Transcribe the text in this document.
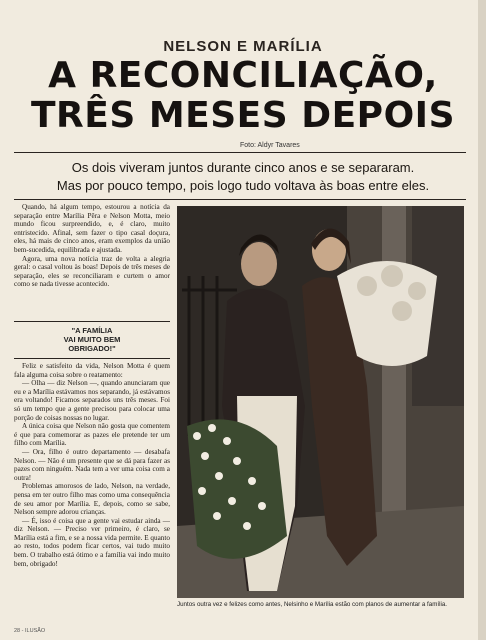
NELSON E MARÍLIA
A RECONCILIAÇÃO,
TRÊS MESES DEPOIS
Foto: Aldyr Tavares
Os dois viveram juntos durante cinco anos e se separaram.
Mas por pouco tempo, pois logo tudo voltava às boas entre eles.

Quando, há algum tempo, estourou a notícia da separação entre Marília Pêra e Nelson Motta, meio mundo ficou surpreendido, e, é claro, muito entristecido. Afinal, sem fazer o tipo casal doçura, eles, há mais de cinco anos, eram exemplos da união bem-sucedida, equilibrada e ajustada.

Agora, uma nova notícia traz de volta a alegria geral: o casal voltou às boas! Depois de três meses de separação, eles se reconciliaram e curtem o amor como se nada tivesse acontecido.

"A FAMÍLIA
VAI MUITO BEM
OBRIGADO!"

Feliz e satisfeito da vida, Nelson Motta é quem fala alguma coisa sobre o reatamento:

— Olha — diz Nelson —, quando anunciaram que eu e a Marília estávamos nos separando, já estávamos era voltando! Ficamos separados uns três meses. Foi só um tempo que a gente precisou para colocar uma porção de coisas nossas no lugar.

A única coisa que Nelson não gosta que comentem é que para comemorar as pazes ele pretende ter um filho com Marília.

— Ora, filho é outro departamento — desabafa Nelson. — Não é um presente que se dá para fazer as pazes com ninguém. Nada tem a ver uma coisa com a outra!

Problemas amorosos de lado, Nelson, na verdade, pensa em ter outro filho mas como uma consequência de seu amor por Marília. E, depois, como se sabe, Nelson sempre adorou crianças.

— É, isso é coisa que a gente vai estudar ainda — diz Nelson. — Preciso ver primeiro, é claro, se Marília está a fim, e se a nossa vida permite. E quanto ao resto, todos podem ficar certos, vai tudo muito bem. O trabalho está ótimo e a família vai indo muito bem, obrigado!

Juntos outra vez e felizes como antes, Nelsinho e Marília estão com planos de aumentar a família.
28 - ILUSÃO
